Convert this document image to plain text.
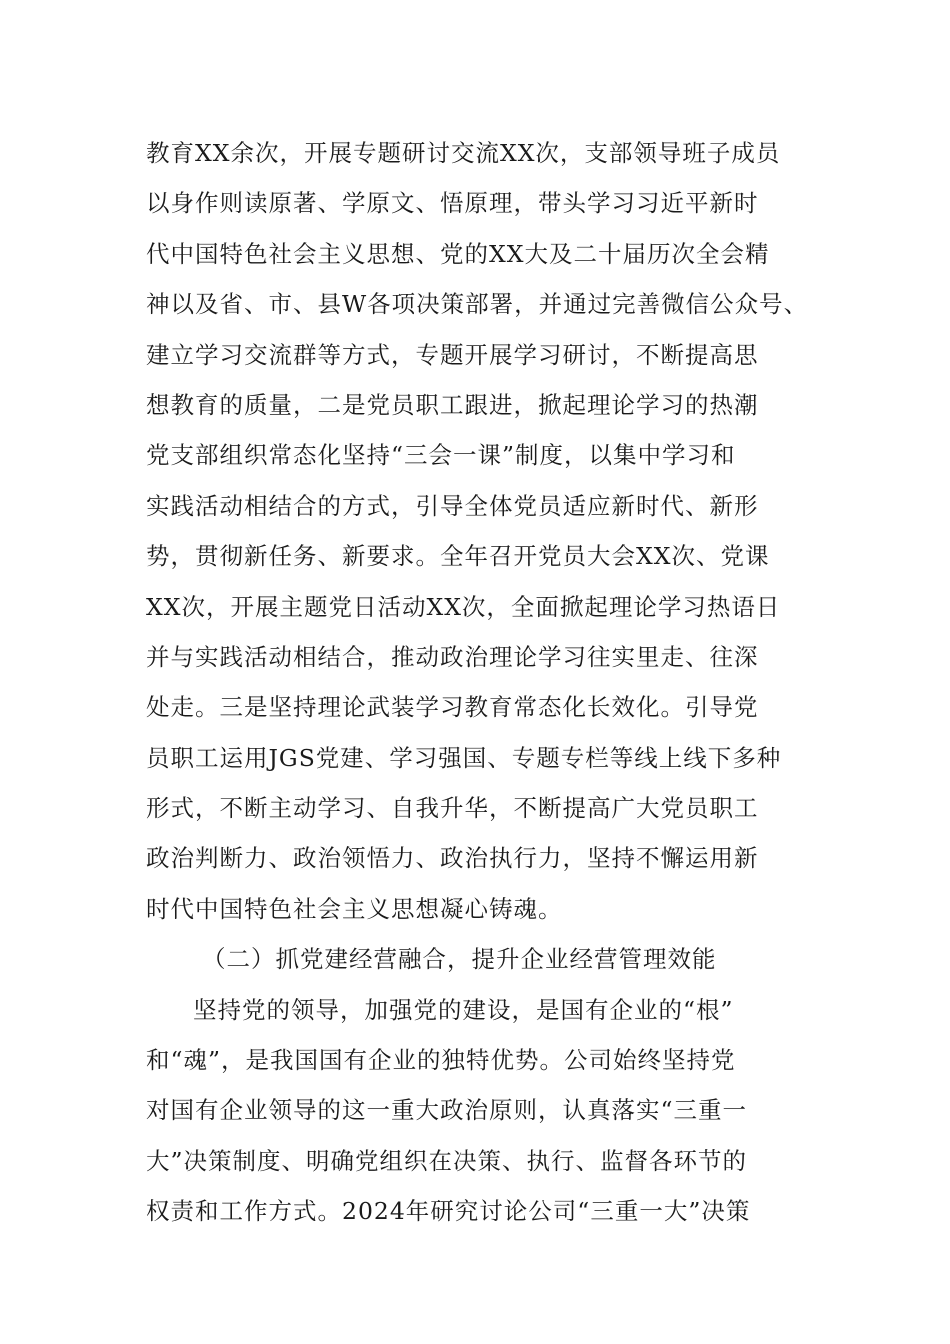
教育XX余次，开展专题研讨交流XX次，支部领导班子成员
以身作则读原著、学原文、悟原理，带头学习习近平新时
代中国特色社会主义思想、党的XX大及二十届历次全会精
神以及省、市、县W各项决策部署，并通过完善微信公众号、
建立学习交流群等方式，专题开展学习研讨，不断提高思
想教育的质量，二是党员职工跟进，掀起理论学习的热潮
党支部组织常态化坚持“三会一课”制度，以集中学习和
实践活动相结合的方式，引导全体党员适应新时代、新形
势，贯彻新任务、新要求。全年召开党员大会XX次、党课
XX次，开展主题党日活动XX次，全面掀起理论学习热语日
并与实践活动相结合，推动政治理论学习往实里走、往深
处走。三是坚持理论武装学习教育常态化长效化。引导党
员职工运用JGS党建、学习强国、专题专栏等线上线下多种
形式，不断主动学习、自我升华，不断提高广大党员职工
政治判断力、政治领悟力、政治执行力，坚持不懈运用新
时代中国特色社会主义思想凝心铸魂。
（二）抓党建经营融合，提升企业经营管理效能
坚持党的领导，加强党的建设，是国有企业的“根”
和“魂”，是我国国有企业的独特优势。公司始终坚持党
对国有企业领导的这一重大政治原则，认真落实“三重一
大”决策制度、明确党组织在决策、执行、监督各环节的
权责和工作方式。2024年研究讨论公司“三重一大”决策
